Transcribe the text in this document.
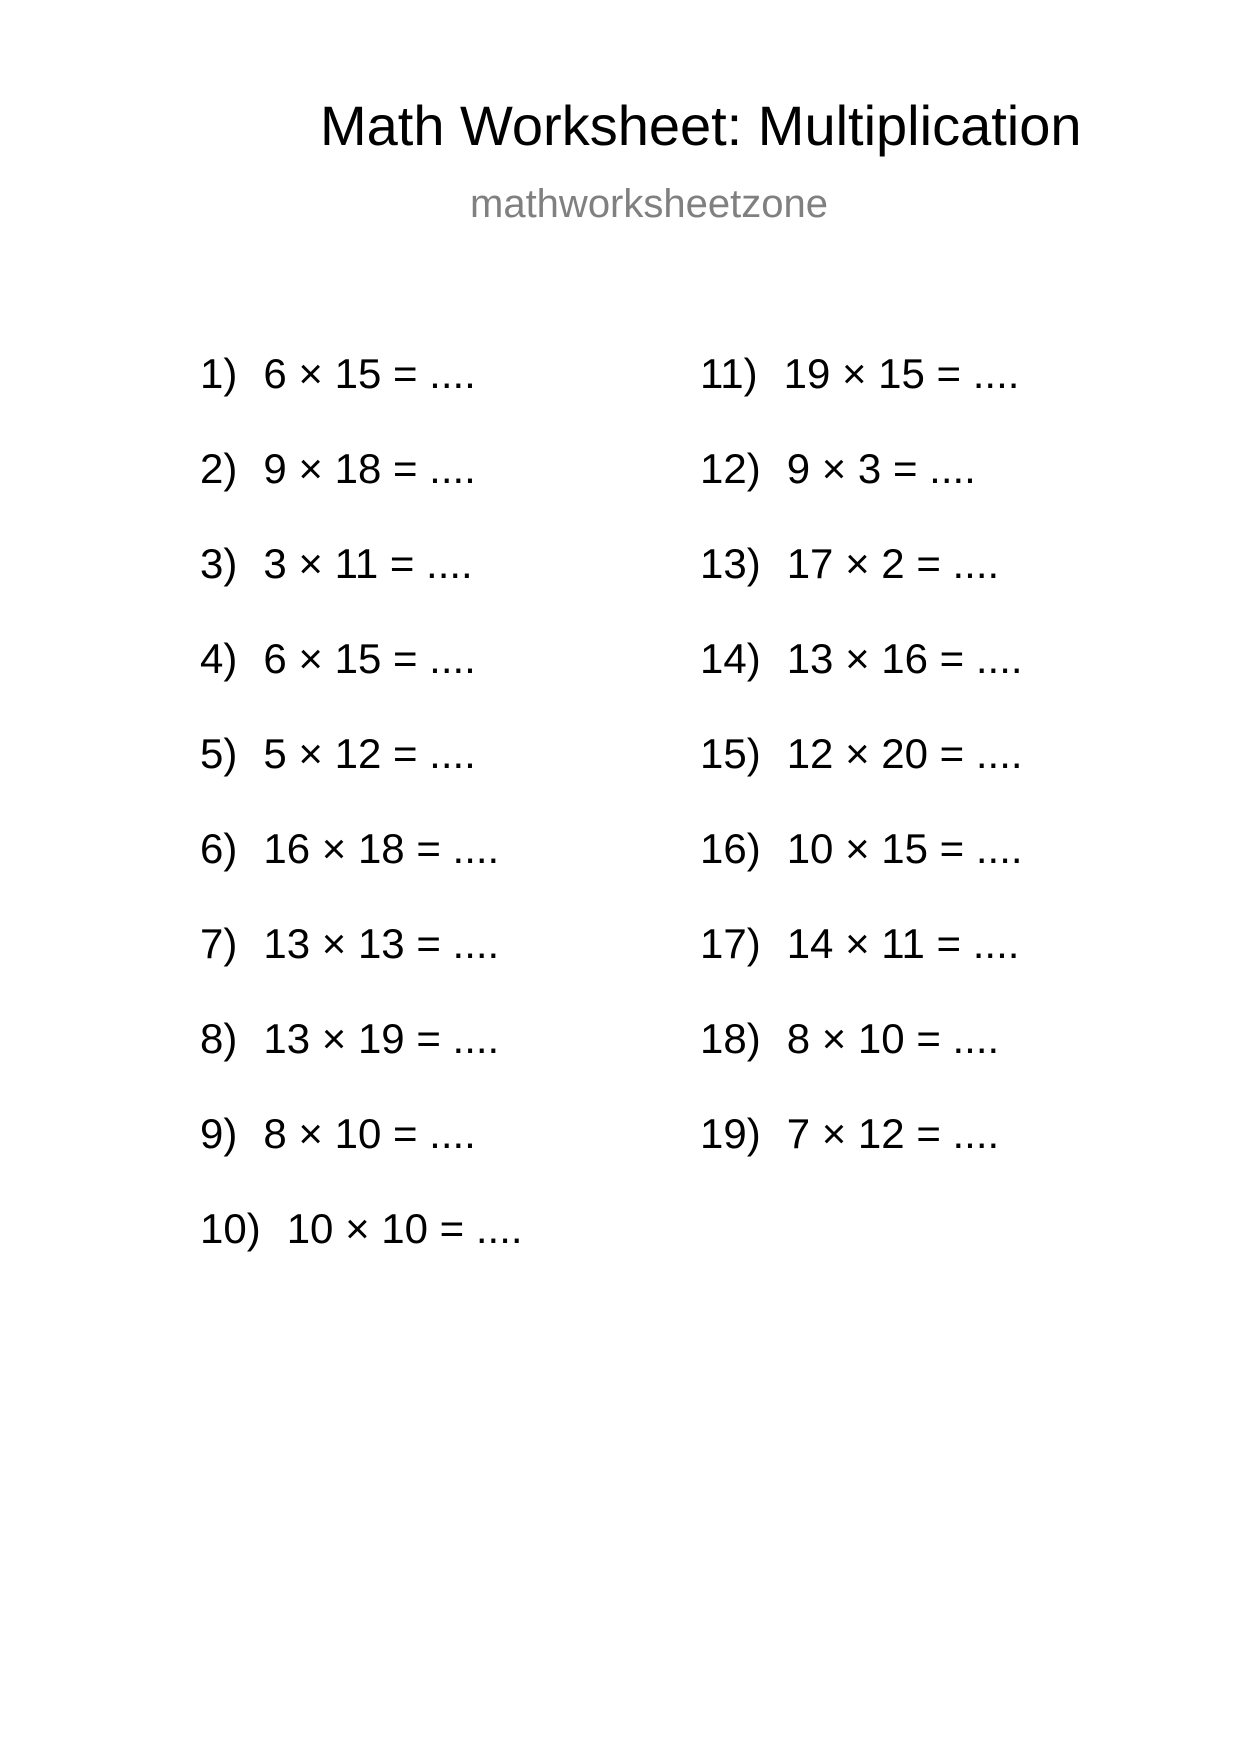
Math Worksheet: Multiplication
mathworksheetzone
1) 6 × 15 = ....
2) 9 × 18 = ....
3) 3 × 11 = ....
4) 6 × 15 = ....
5) 5 × 12 = ....
6) 16 × 18 = ....
7) 13 × 13 = ....
8) 13 × 19 = ....
9) 8 × 10 = ....
10) 10 × 10 = ....
11) 19 × 15 = ....
12) 9 × 3 = ....
13) 17 × 2 = ....
14) 13 × 16 = ....
15) 12 × 20 = ....
16) 10 × 15 = ....
17) 14 × 11 = ....
18) 8 × 10 = ....
19) 7 × 12 = ....
